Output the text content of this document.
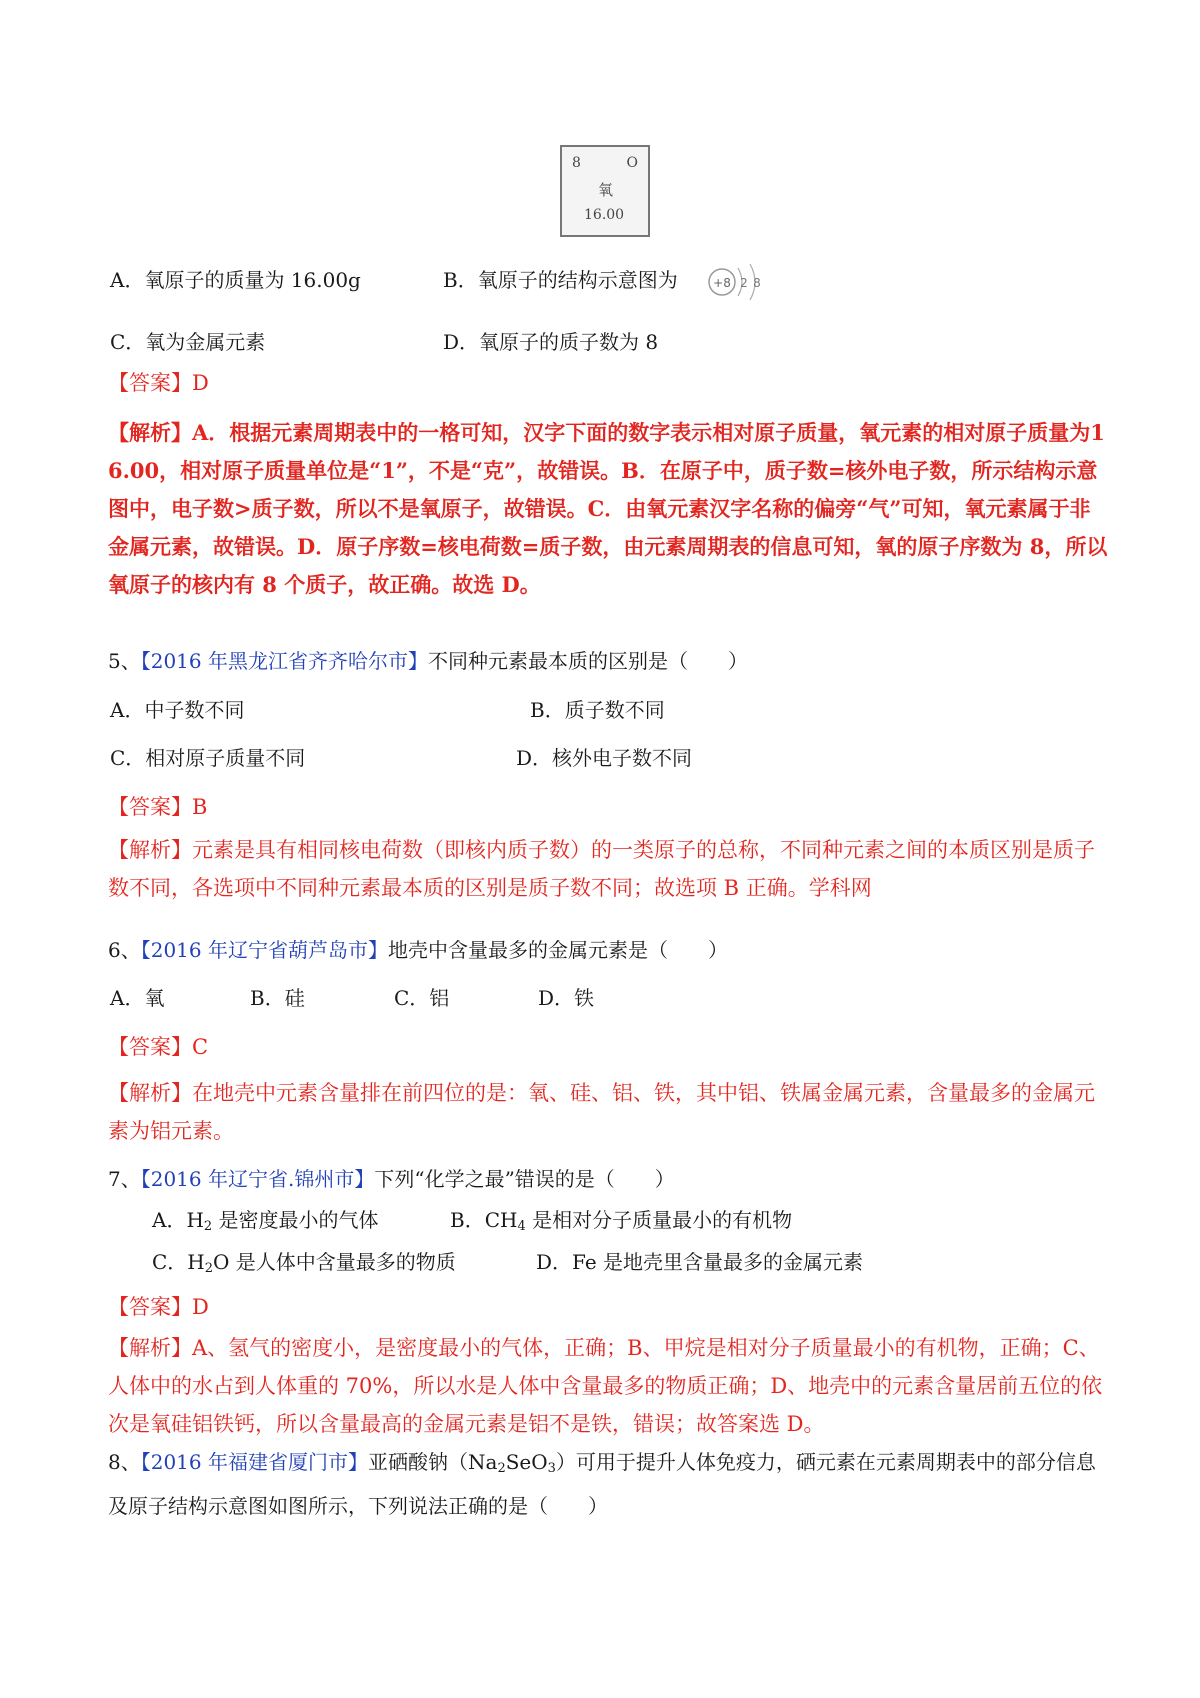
8	O
氧
16.00
A．氧原子的质量为 16.00g	B．氧原子的结构示意图为	+8 2 8
C．氧为金属元素	D．氧原子的质子数为 8
【答案】D
【解析】A．根据元素周期表中的一格可知，汉字下面的数字表示相对原子质量，氧元素的相对原子质量为16.00，相对原子质量单位是“1”，不是“克”，故错误。B．在原子中，质子数=核外电子数，所示结构示意图中，电子数>质子数，所以不是氧原子，故错误。C．由氧元素汉字名称的偏旁“气”可知，氧元素属于非金属元素，故错误。D．原子序数=核电荷数=质子数，由元素周期表的信息可知，氧的原子序数为 8，所以氧原子的核内有 8 个质子，故正确。故选 D。
5、【2016 年黑龙江省齐齐哈尔市】不同种元素最本质的区别是（　　）
A．中子数不同	B．质子数不同
C．相对原子质量不同	D．核外电子数不同
【答案】B
【解析】元素是具有相同核电荷数（即核内质子数）的一类原子的总称，不同种元素之间的本质区别是质子数不同，各选项中不同种元素最本质的区别是质子数不同；故选项 B 正确。学科网
6、【2016 年辽宁省葫芦岛市】地壳中含量最多的金属元素是（　　）
A．氧	B．硅	C．铝	D．铁
【答案】C
【解析】在地壳中元素含量排在前四位的是：氧、硅、铝、铁，其中铝、铁属金属元素，含量最多的金属元素为铝元素。
7、【2016 年辽宁省.锦州市】下列“化学之最”错误的是（　　）
A．$H_2$ 是密度最小的气体	B．$CH_4$ 是相对分子质量最小的有机物
C．$H_2O$ 是人体中含量最多的物质	D．Fe 是地壳里含量最多的金属元素
【答案】D
【解析】A、氢气的密度小，是密度最小的气体，正确；B、甲烷是相对分子质量最小的有机物，正确；C、人体中的水占到人体重的 70%，所以水是人体中含量最多的物质正确；D、地壳中的元素含量居前五位的依次是氧硅铝铁钙，所以含量最高的金属元素是铝不是铁，错误；故答案选 D。
8、【2016 年福建省厦门市】亚硒酸钠$(Na_2SeO_3)$可用于提升人体免疫力，硒元素在元素周期表中的部分信息及原子结构示意图如图所示，下列说法正确的是（　　）
